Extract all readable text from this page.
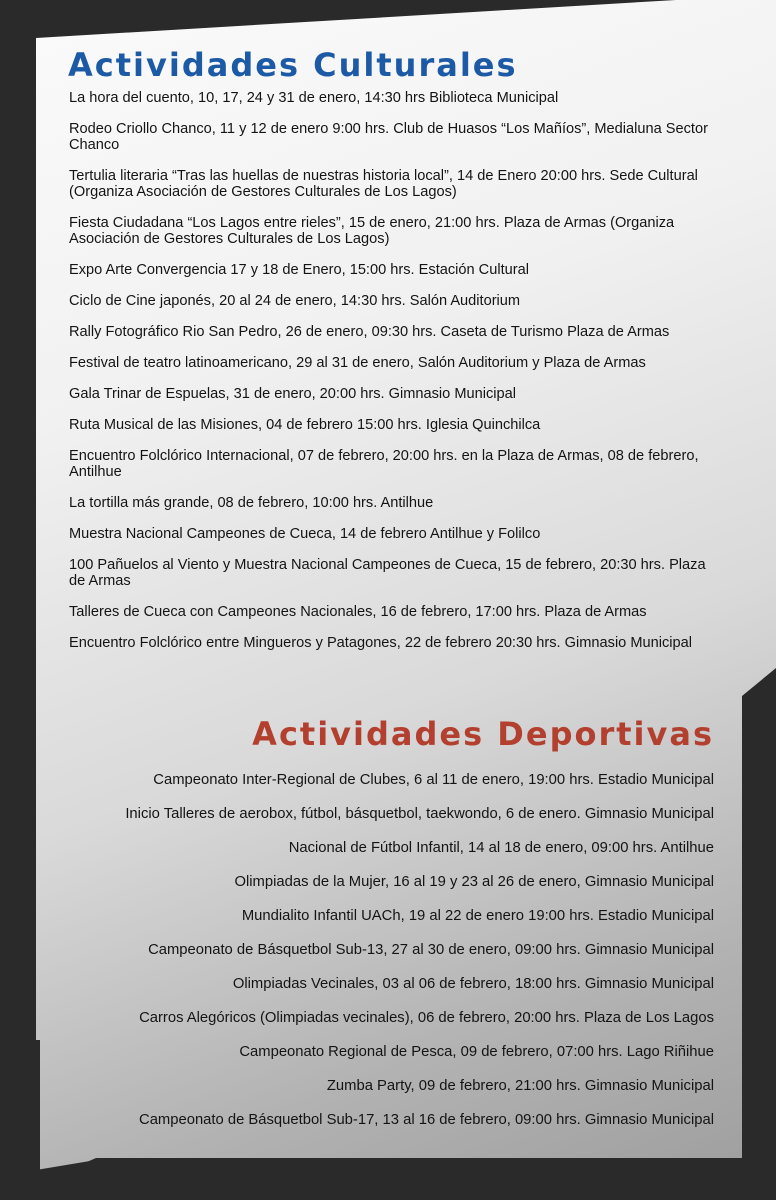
Actividades Culturales
La hora del cuento, 10, 17, 24 y 31 de enero, 14:30 hrs Biblioteca Municipal
Rodeo Criollo Chanco, 11 y 12 de enero 9:00 hrs. Club de Huasos “Los Mañíos”, Medialuna Sector Chanco
Tertulia literaria “Tras las huellas de nuestras historia local”, 14 de Enero 20:00 hrs. Sede Cultural (Organiza Asociación de Gestores Culturales de Los Lagos)
Fiesta Ciudadana “Los Lagos entre rieles”, 15 de enero, 21:00 hrs. Plaza de Armas (Organiza Asociación de Gestores Culturales de Los Lagos)
Expo Arte Convergencia 17 y 18 de Enero, 15:00 hrs. Estación Cultural
Ciclo de Cine japonés, 20 al 24 de enero, 14:30 hrs. Salón Auditorium
Rally Fotográfico Rio San Pedro, 26 de enero, 09:30 hrs. Caseta de Turismo Plaza de Armas
Festival de teatro latinoamericano, 29 al 31 de enero, Salón Auditorium y Plaza de Armas
Gala Trinar de Espuelas, 31 de enero, 20:00 hrs. Gimnasio Municipal
Ruta Musical de las Misiones, 04 de febrero 15:00 hrs. Iglesia Quinchilca
Encuentro Folclórico Internacional, 07 de febrero, 20:00 hrs. en la Plaza de Armas, 08 de febrero, Antilhue
La tortilla más grande, 08 de febrero, 10:00 hrs. Antilhue
Muestra Nacional Campeones de Cueca, 14 de febrero Antilhue y Folilco
100 Pañuelos al Viento y Muestra Nacional Campeones de Cueca, 15 de febrero, 20:30 hrs. Plaza de Armas
Talleres de Cueca con Campeones Nacionales, 16 de febrero, 17:00 hrs. Plaza de Armas
Encuentro Folclórico entre Mingueros y Patagones, 22 de febrero 20:30 hrs. Gimnasio Municipal
Actividades Deportivas
Campeonato Inter-Regional de Clubes, 6 al 11 de enero, 19:00 hrs. Estadio Municipal
Inicio Talleres de aerobox, fútbol, básquetbol, taekwondo, 6 de enero. Gimnasio Municipal
Nacional de Fútbol Infantil, 14 al 18 de enero, 09:00 hrs. Antilhue
Olimpiadas de la Mujer, 16 al 19 y 23 al 26 de enero, Gimnasio Municipal
Mundialito Infantil UACh, 19 al 22 de enero 19:00 hrs. Estadio Municipal
Campeonato de Básquetbol Sub-13, 27 al 30 de enero, 09:00 hrs. Gimnasio Municipal
Olimpiadas Vecinales, 03 al 06 de febrero, 18:00 hrs. Gimnasio Municipal
Carros Alegóricos (Olimpiadas vecinales), 06 de febrero, 20:00 hrs. Plaza de Los Lagos
Campeonato Regional de Pesca, 09 de febrero, 07:00 hrs. Lago Riñihue
Zumba Party, 09 de febrero, 21:00 hrs. Gimnasio Municipal
Campeonato de Básquetbol Sub-17, 13 al 16 de febrero, 09:00 hrs. Gimnasio Municipal
